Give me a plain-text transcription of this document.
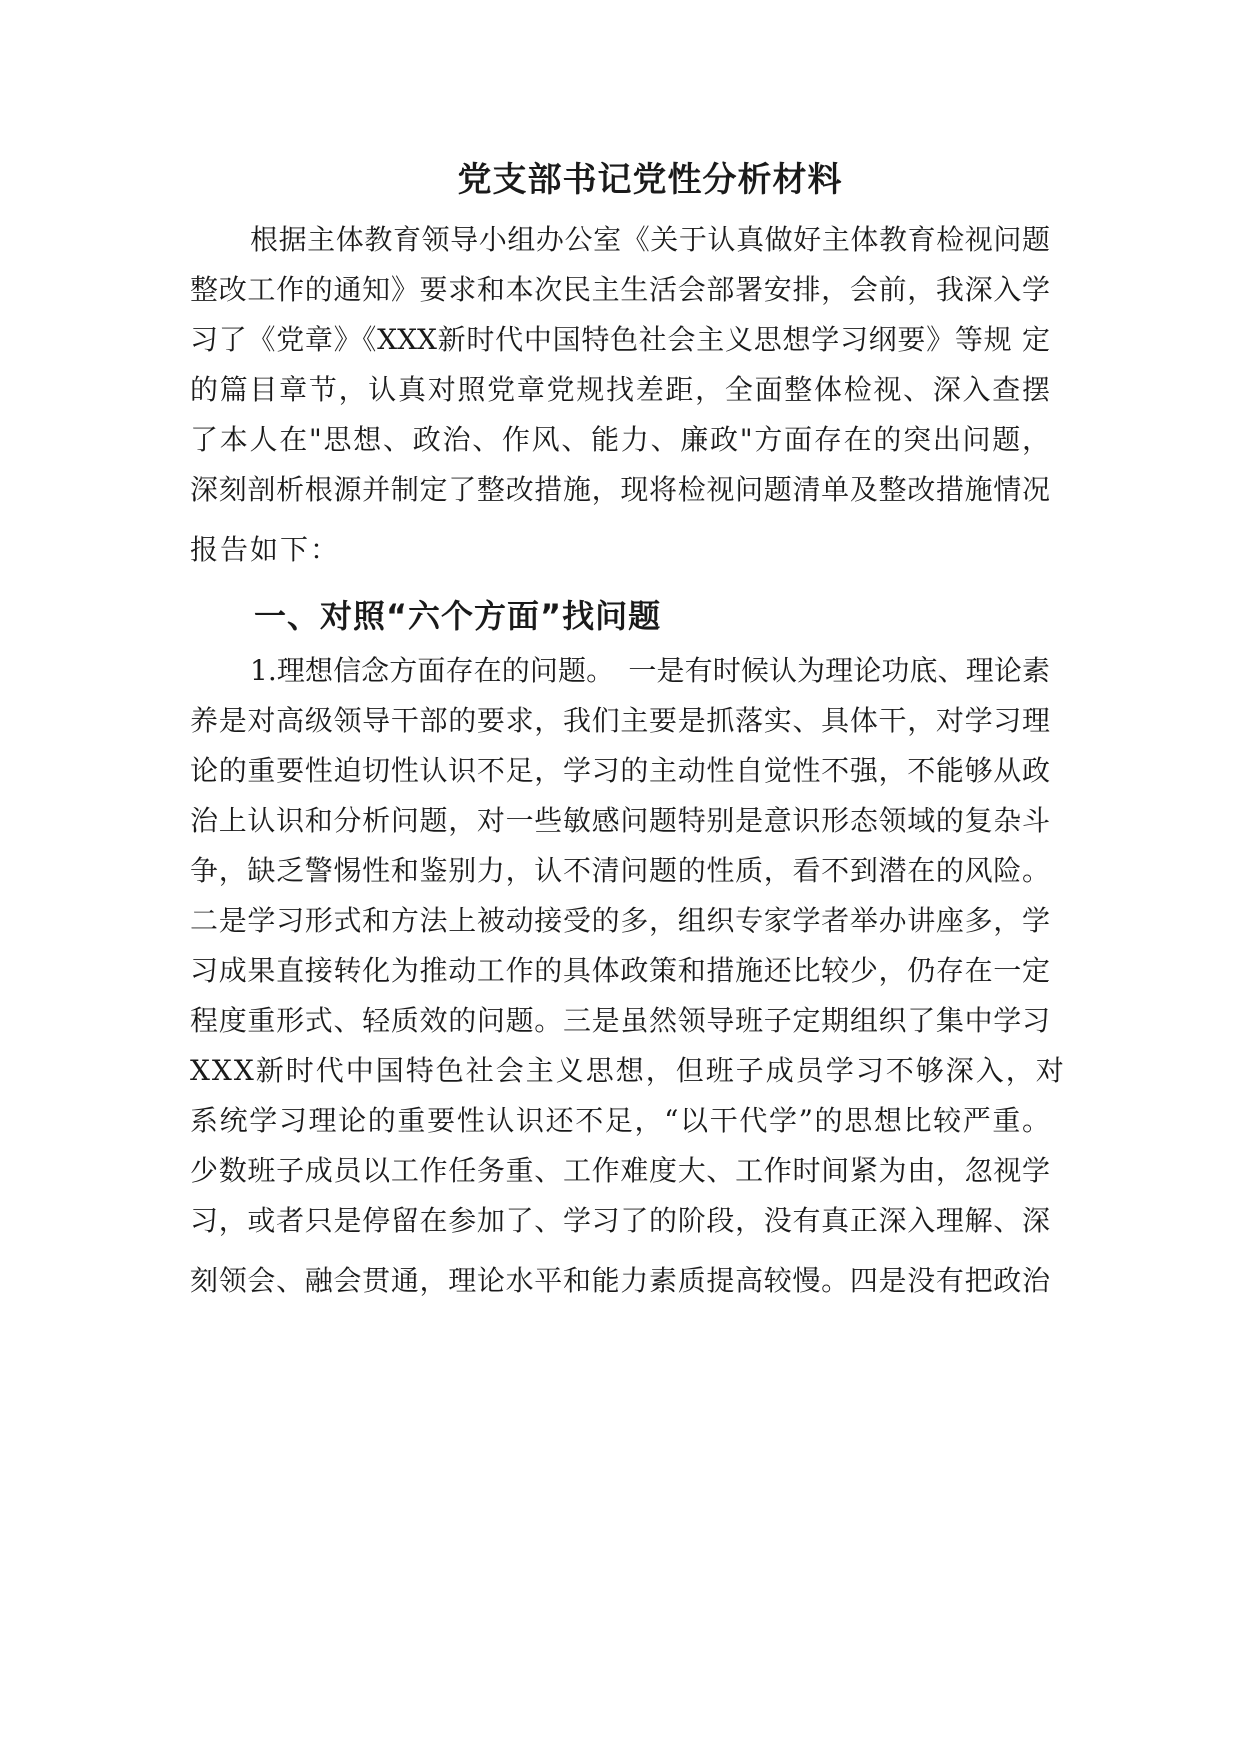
党支部书记党性分析材料

根据主体教育领导小组办公室《关于认真做好主体教育检视问题

整改工作的通知》要求和本次民主生活会部署安排，会前，我深入学

习了《党章》《XXX新时代中国特色社会主义思想学习纲要》等规 定

的篇目章节，认真对照党章党规找差距，全面整体检视、深入查摆

了本人在"思想、政治、作风、能力、廉政"方面存在的突出问题，

深刻剖析根源并制定了整改措施，现将检视问题清单及整改措施情况

报告如下：

一、对照“六个方面”找问题

1.理想信念方面存在的问题。　一是有时候认为理论功底、理论素

养是对高级领导干部的要求，我们主要是抓落实、具体干，对学习理

论的重要性迫切性认识不足，学习的主动性自觉性不强，不能够从政

治上认识和分析问题，对一些敏感问题特别是意识形态领域的复杂斗

争，缺乏警惕性和鉴别力，认不清问题的性质，看不到潜在的风险。

二是学习形式和方法上被动接受的多，组织专家学者举办讲座多，学

习成果直接转化为推动工作的具体政策和措施还比较少，仍存在一定

程度重形式、轻质效的问题。三是虽然领导班子定期组织了集中学习

XXX新时代中国特色社会主义思想，但班子成员学习不够深入，对

系统学习理论的重要性认识还不足，“以干代学”的思想比较严重。

少数班子成员以工作任务重、工作难度大、工作时间紧为由，忽视学

习，或者只是停留在参加了、学习了的阶段，没有真正深入理解、深

刻领会、融会贯通，理论水平和能力素质提高较慢。四是没有把政治
